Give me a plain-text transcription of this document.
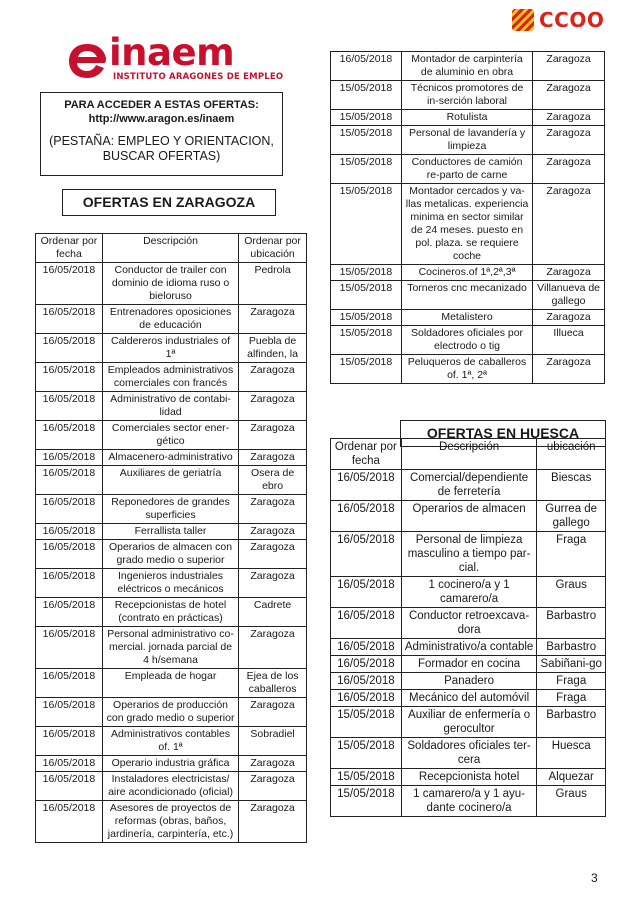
CCOO
inaem
INSTITUTO ARAGONES DE EMPLEO
PARA ACCEDER A ESTAS OFERTAS:
http://www.aragon.es/inaem
(PESTAÑA: EMPLEO Y ORIENTACION, BUSCAR OFERTAS)
OFERTAS EN ZARAGOZA
Ordenar por fecha	Descripción	Ordenar por ubicación
16/05/2018	Conductor de trailer con dominio de idioma ruso o bieloruso	Pedrola
16/05/2018	Entrenadores oposiciones de educación	Zaragoza
16/05/2018	Caldereros industriales of 1ª	Puebla de alfinden, la
16/05/2018	Empleados administrativos comerciales con francés	Zaragoza
16/05/2018	Administrativo de contabi-lidad	Zaragoza
16/05/2018	Comerciales sector ener-gético	Zaragoza
16/05/2018	Almacenero-administrativo	Zaragoza
16/05/2018	Auxiliares de geriatría	Osera de ebro
16/05/2018	Reponedores de grandes superficies	Zaragoza
16/05/2018	Ferrallista taller	Zaragoza
16/05/2018	Operarios de almacen con grado medio o superior	Zaragoza
16/05/2018	Ingenieros industriales eléctricos o mecánicos	Zaragoza
16/05/2018	Recepcionistas de hotel (contrato en prácticas)	Cadrete
16/05/2018	Personal administrativo co-mercial. jornada parcial de 4 h/semana	Zaragoza
16/05/2018	Empleada de hogar	Ejea de los caballeros
16/05/2018	Operarios de producción con grado medio o superior	Zaragoza
16/05/2018	Administrativos contables of. 1ª	Sobradiel
16/05/2018	Operario industria gráfica	Zaragoza
16/05/2018	Instaladores electricistas/ aire acondicionado (oficial)	Zaragoza
16/05/2018	Asesores de proyectos de reformas (obras, baños, jardinería, carpintería, etc.)	Zaragoza
16/05/2018	Montador de carpintería de aluminio en obra	Zaragoza
15/05/2018	Técnicos promotores de in-serción laboral	Zaragoza
15/05/2018	Rotulista	Zaragoza
15/05/2018	Personal de lavandería y limpieza	Zaragoza
15/05/2018	Conductores de camión re-parto de carne	Zaragoza
15/05/2018	Montador cercados y va-llas metalicas. experiencia minima en sector similar de 24 meses. puesto en pol. plaza. se requiere coche	Zaragoza
15/05/2018	Cocineros.of 1ª,2ª,3ª	Zaragoza
15/05/2018	Torneros cnc mecanizado	Villanueva de gallego
15/05/2018	Metalistero	Zaragoza
15/05/2018	Soldadores oficiales por electrodo o tig	Illueca
15/05/2018	Peluqueros de caballeros of. 1ª, 2ª	Zaragoza
OFERTAS EN HUESCA
Ordenar por fecha	Descripción	ubicación
16/05/2018	Comercial/dependiente de ferretería	Biescas
16/05/2018	Operarios de almacen	Gurrea de gallego
16/05/2018	Personal de limpieza masculino a tiempo par-cial.	Fraga
16/05/2018	1 cocinero/a y 1 camarero/a	Graus
16/05/2018	Conductor retroexcava-dora	Barbastro
16/05/2018	Administrativo/a contable	Barbastro
16/05/2018	Formador en cocina	Sabiñani-go
16/05/2018	Panadero	Fraga
16/05/2018	Mecánico del automóvil	Fraga
15/05/2018	Auxiliar de enfermería o gerocultor	Barbastro
15/05/2018	Soldadores oficiales ter-cera	Huesca
15/05/2018	Recepcionista hotel	Alquezar
15/05/2018	1 camarero/a y 1 ayu-dante cocinero/a	Graus
3
